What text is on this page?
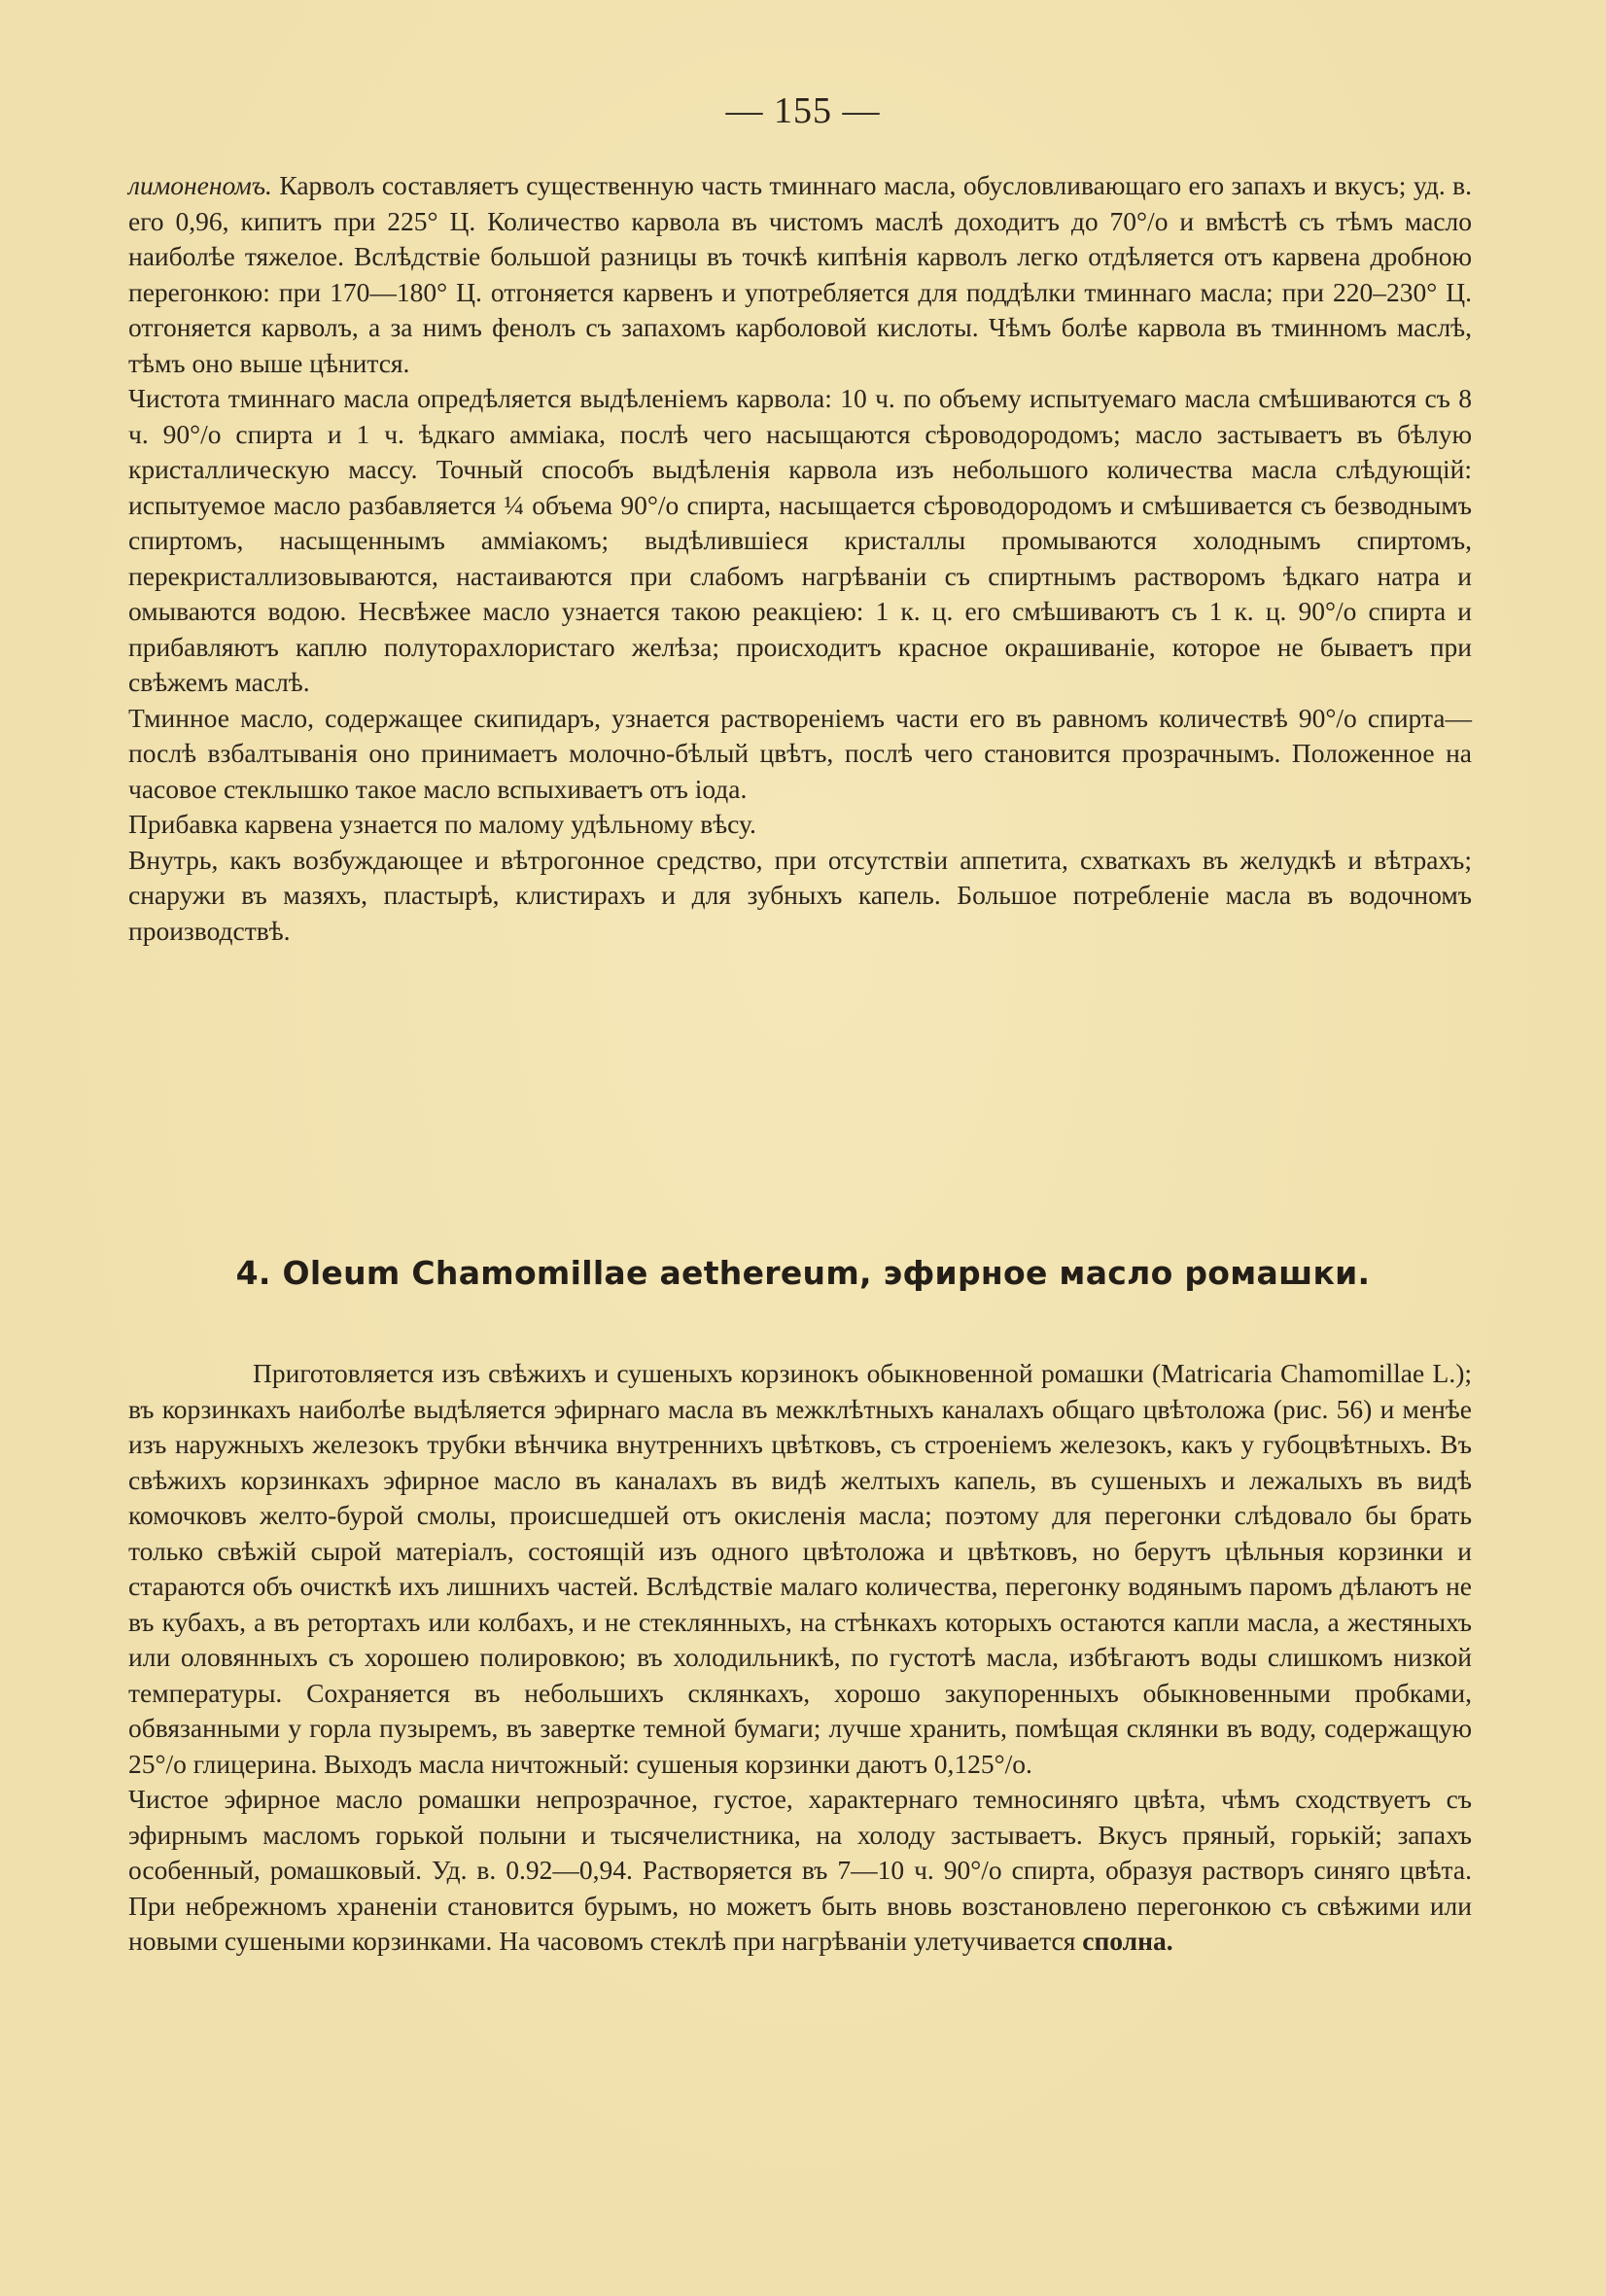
— 155 —

лимоненомъ. Карволъ составляетъ существенную часть тминнаго масла, обусловливающаго его запахъ и вкусъ; уд. в. его 0,96, кипитъ при 225° Ц. Количество карвола въ чистомъ маслѣ доходитъ до 70°/o и вмѣстѣ съ тѣмъ масло наиболѣе тяжелое. Вслѣдствіе большой разницы въ точкѣ кипѣнія карволъ легко отдѣляется отъ карвена дробною перегонкою: при 170—180° Ц. отгоняется карвенъ и употребляется для поддѣлки тминнаго масла; при 220–230° Ц. отгоняется карволъ, а за нимъ фенолъ съ запахомъ карболовой кислоты. Чѣмъ болѣе карвола въ тминномъ маслѣ, тѣмъ оно выше цѣнится.

Чистота тминнаго масла опредѣляется выдѣленіемъ карвола: 10 ч. по объему испытуемаго масла смѣшиваются съ 8 ч. 90°/o спирта и 1 ч. ѣдкаго амміака, послѣ чего насыщаются сѣроводородомъ; масло застываетъ въ бѣлую кристаллическую массу. Точный способъ выдѣленія карвола изъ небольшого количества масла слѣдующій: испытуемое масло разбавляется ¼ объема 90°/o спирта, насыщается сѣроводородомъ и смѣшивается съ безводнымъ спиртомъ, насыщеннымъ амміакомъ; выдѣлившіеся кристаллы промываются холоднымъ спиртомъ, перекристаллизовываются, настаиваются при слабомъ нагрѣваніи съ спиртнымъ растворомъ ѣдкаго натра и омываются водою. Несвѣжее масло узнается такою реакціею: 1 к. ц. его смѣшиваютъ съ 1 к. ц. 90°/o спирта и прибавляютъ каплю полуторахлористаго желѣза; происходитъ красное окрашиваніе, которое не бываетъ при свѣжемъ маслѣ.

Тминное масло, содержащее скипидаръ, узнается раствореніемъ части его въ равномъ количествѣ 90°/o спирта—послѣ взбалтыванія оно принимаетъ молочно-бѣлый цвѣтъ, послѣ чего становится прозрачнымъ. Положенное на часовое стеклышко такое масло вспыхиваетъ отъ іода.

Прибавка карвена узнается по малому удѣльному вѣсу.

Внутрь, какъ возбуждающее и вѣтрогонное средство, при отсутствіи аппетита, схваткахъ въ желудкѣ и вѣтрахъ; снаружи въ мазяхъ, пластырѣ, клистирахъ и для зубныхъ капель. Большое потребленіе масла въ водочномъ производствѣ.

4. Oleum Chamomillae aethereum, эфирное масло ромашки.

Приготовляется изъ свѣжихъ и сушеныхъ корзинокъ обыкновенной ромашки (Matricaria Chamomillae L.); въ корзинкахъ наиболѣе выдѣляется эфирнаго масла въ межклѣтныхъ каналахъ общаго цвѣтоложа (рис. 56) и менѣе изъ наружныхъ железокъ трубки вѣнчика внутреннихъ цвѣтковъ, съ строеніемъ железокъ, какъ у губоцвѣтныхъ. Въ свѣжихъ корзинкахъ эфирное масло въ каналахъ въ видѣ желтыхъ капель, въ сушеныхъ и лежалыхъ въ видѣ комочковъ желто-бурой смолы, происшедшей отъ окисленія масла; поэтому для перегонки слѣдовало бы брать только свѣжій сырой матеріалъ, состоящій изъ одного цвѣтоложа и цвѣтковъ, но берутъ цѣльныя корзинки и стараются объ очисткѣ ихъ лишнихъ частей. Вслѣдствіе малаго количества, перегонку водянымъ паромъ дѣлаютъ не въ кубахъ, а въ ретортахъ или колбахъ, и не стеклянныхъ, на стѣнкахъ которыхъ остаются капли масла, а жестяныхъ или оловянныхъ съ хорошею полировкою; въ холодильникѣ, по густотѣ масла, избѣгаютъ воды слишкомъ низкой температуры. Сохраняется въ небольшихъ склянкахъ, хорошо закупоренныхъ обыкновенными пробками, обвязанными у горла пузыремъ, въ завертке темной бумаги; лучше хранить, помѣщая склянки въ воду, содержащую 25°/o глицерина. Выходъ масла ничтожный: сушеныя корзинки даютъ 0,125°/o.

Чистое эфирное масло ромашки непрозрачное, густое, характернаго темносиняго цвѣта, чѣмъ сходствуетъ съ эфирнымъ масломъ горькой полыни и тысячелистника, на холоду застываетъ. Вкусъ пряный, горькій; запахъ особенный, ромашковый. Уд. в. 0.92—0,94. Растворяется въ 7—10 ч. 90°/o спирта, образуя растворъ синяго цвѣта. При небрежномъ храненіи становится бурымъ, но можетъ быть вновь возстановлено перегонкою съ свѣжими или новыми сушеными корзинками. На часовомъ стеклѣ при нагрѣваніи улетучивается сполна.
